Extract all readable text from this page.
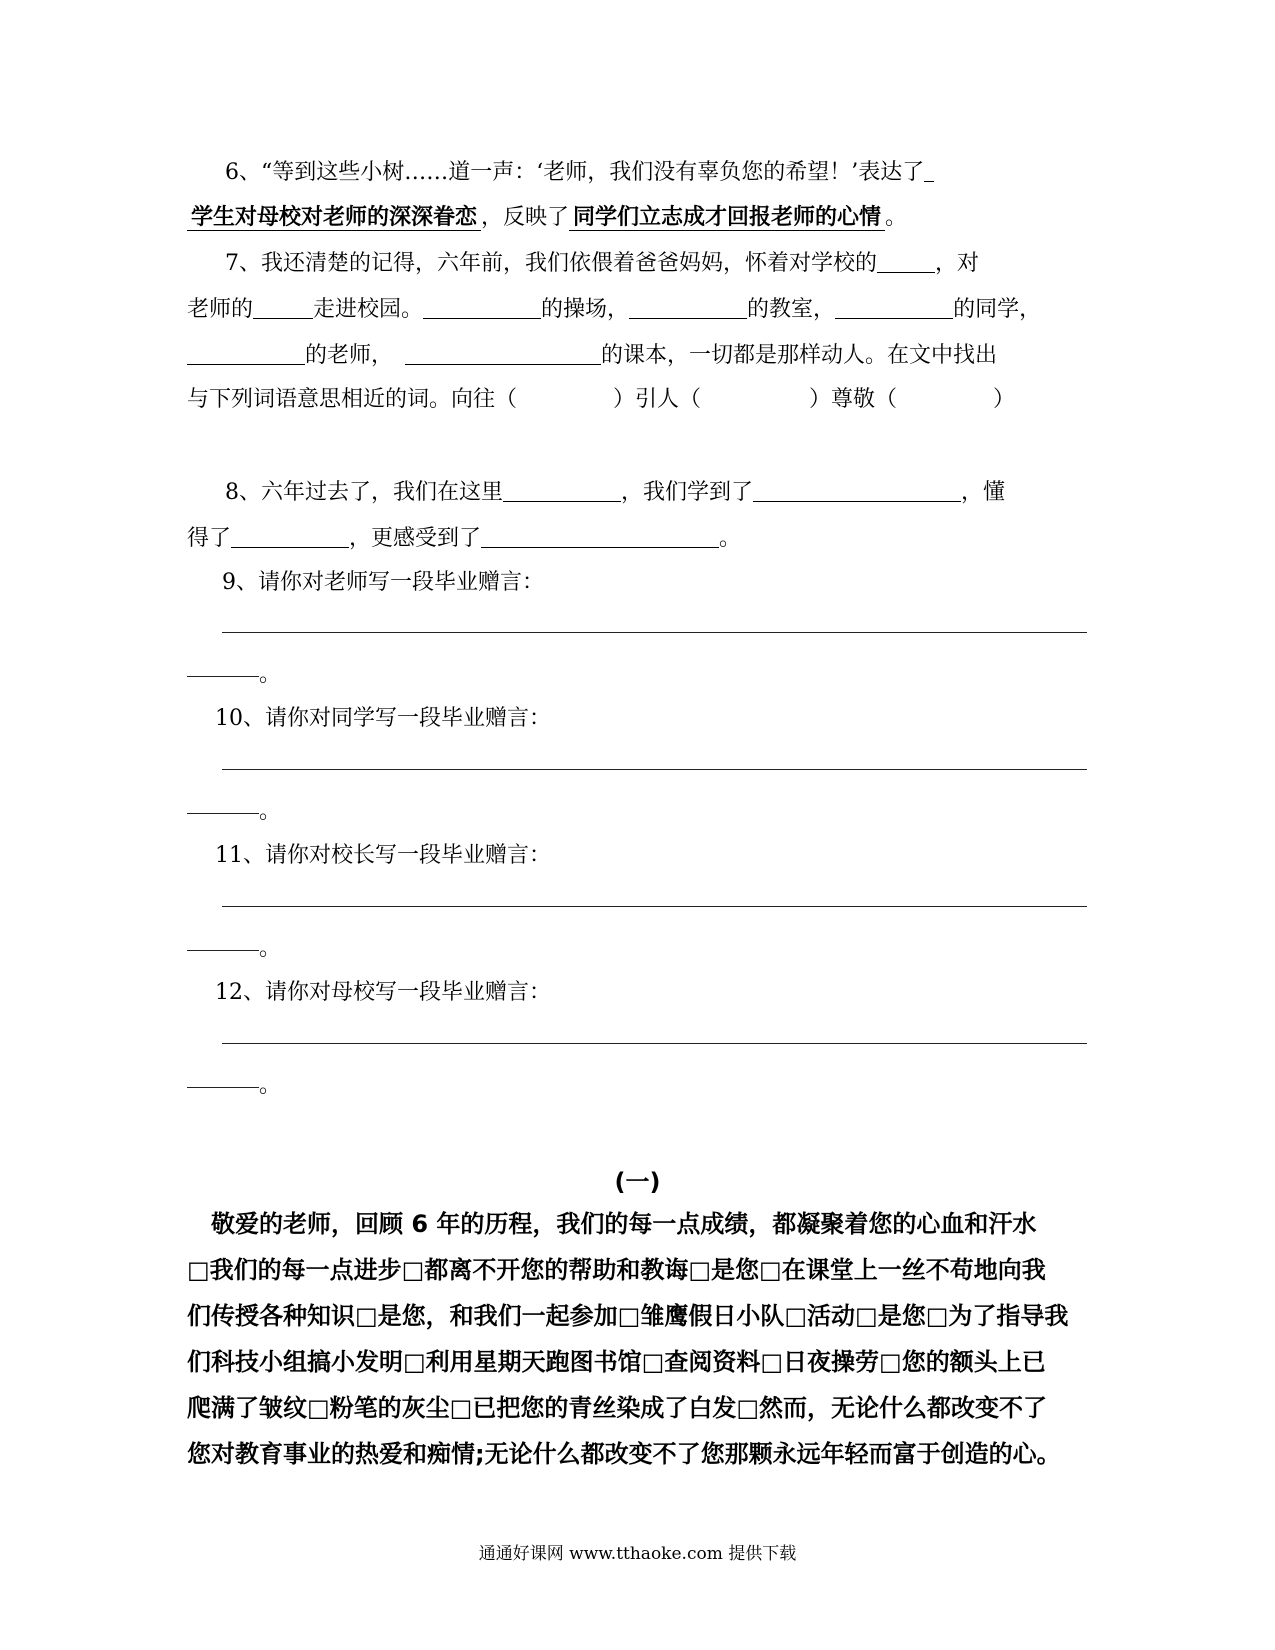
6、“等到这些小树……道一声：‘老师，我们没有辜负您的希望！’表达了
学生对母校对老师的深深眷恋 ，反映了 同学们立志成才回报老师的心情 。
7、我还清楚的记得，六年前，我们依偎着爸爸妈妈，怀着对学校的	，对
老师的	走进校园。	的操场，	的教室，	的同学，
的老师，	的课本，一切都是那样动人。在文中找出
与下列词语意思相近的词。向往（	）引人（	）尊敬（	）
8、六年过去了，我们在这里	，我们学到了	，懂
得了	，更感受到了	。
9、请你对老师写一段毕业赠言：
。
10、请你对同学写一段毕业赠言：
。
11、请你对校长写一段毕业赠言：
。
12、请你对母校写一段毕业赠言：
。
(一)
　敬爱的老师，回顾 6 年的历程，我们的每一点成绩，都凝聚着您的心血和汗水
□我们的每一点进步□都离不开您的帮助和教诲□是您□在课堂上一丝不苟地向我
们传授各种知识□是您，和我们一起参加□雏鹰假日小队□活动□是您□为了指导我
们科技小组搞小发明□利用星期天跑图书馆□查阅资料□日夜操劳□您的额头上已
爬满了皱纹□粉笔的灰尘□已把您的青丝染成了白发□然而，无论什么都改变不了
您对教育事业的热爱和痴情;无论什么都改变不了您那颗永远年轻而富于创造的心。
通通好课网 www.tthaoke.com 提供下载
